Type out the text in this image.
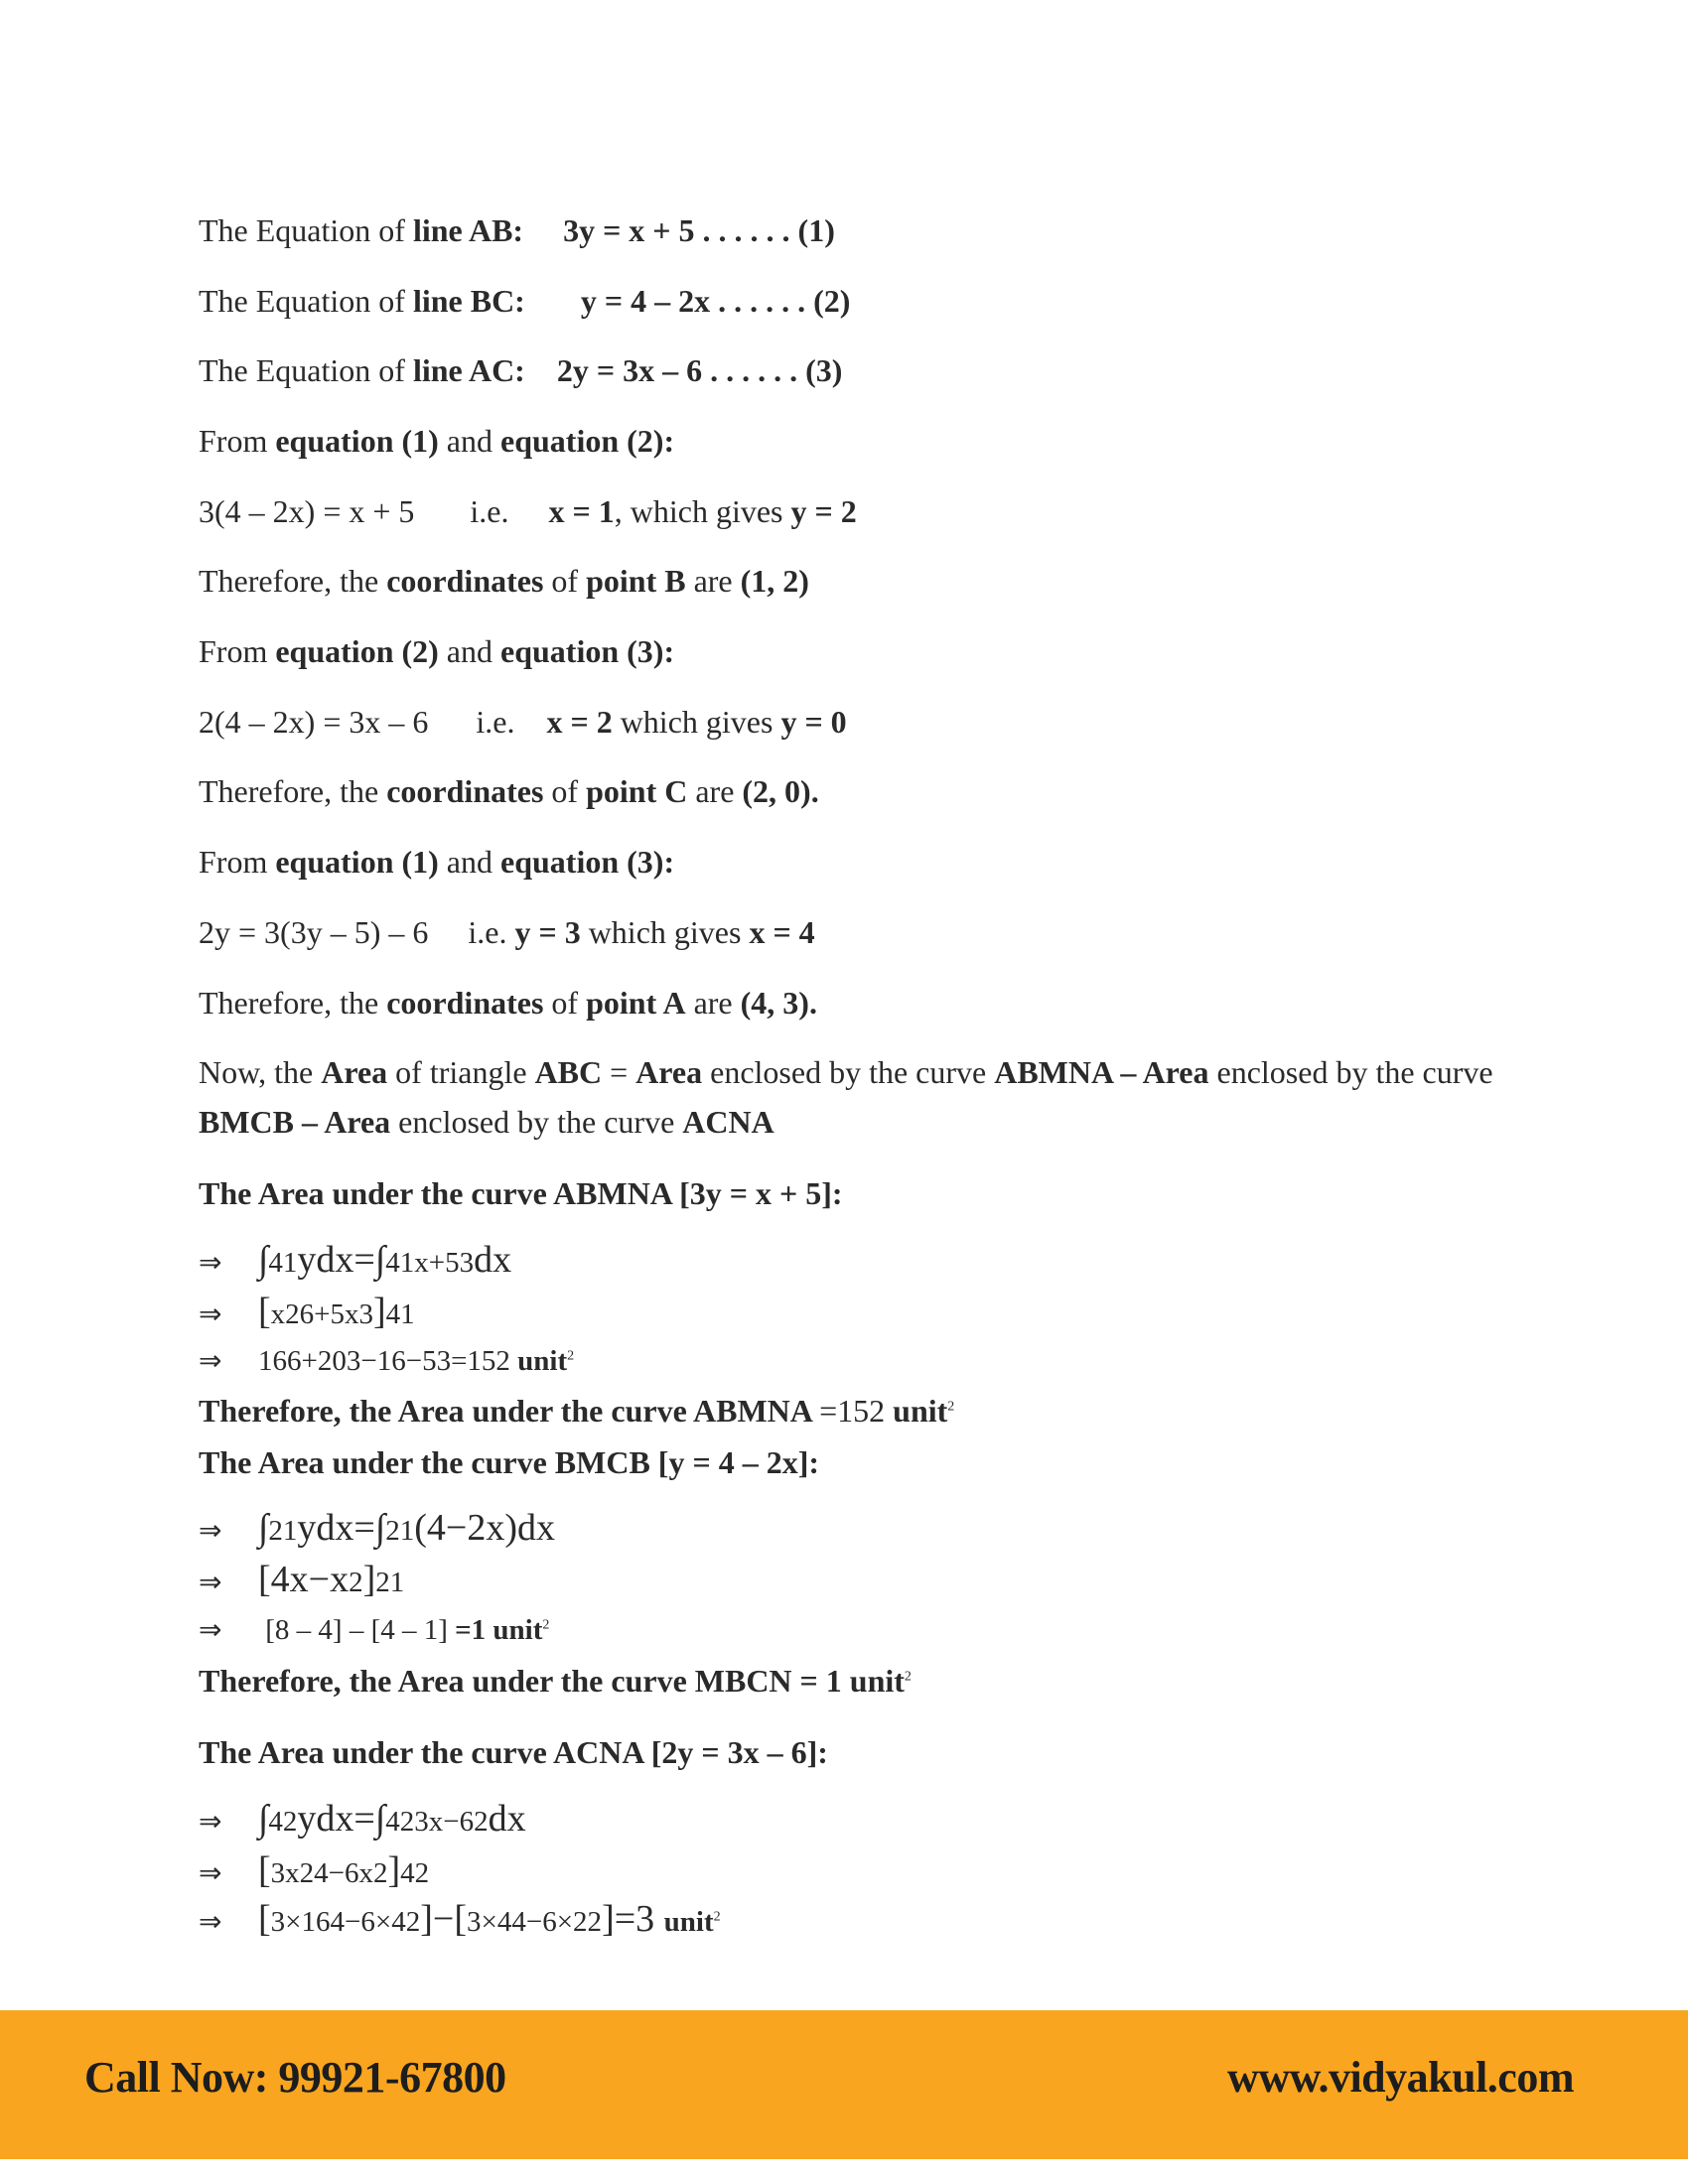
The Equation of line AB:     3y = x + 5 . . . . . . (1)
The Equation of line BC:       y = 4 – 2x . . . . . . (2)
The Equation of line AC:    2y = 3x – 6 . . . . . . (3)
From equation (1) and equation (2):
3(4 – 2x) = x + 5       i.e.     x = 1, which gives y = 2
Therefore, the coordinates of point B are (1, 2)
From equation (2) and equation (3):
2(4 – 2x) = 3x – 6      i.e.    x = 2 which gives y = 0
Therefore, the coordinates of point C are (2, 0).
From equation (1) and equation (3):
2y = 3(3y – 5) – 6     i.e. y = 3 which gives x = 4
Therefore, the coordinates of point A are (4, 3).
Now, the Area of triangle ABC = Area enclosed by the curve ABMNA – Area enclosed by the curve BMCB – Area enclosed by the curve ACNA
The Area under the curve ABMNA [3y = x + 5]:
⇒ ∫41ydx=∫41x+53dx
⇒ [x26+5x3]41
⇒ 166+203−16−53=152 unit$^2$
Therefore, the Area under the curve ABMNA =152 unit$^2$
The Area under the curve BMCB [y = 4 – 2x]:
⇒ ∫21ydx=∫21(4−2x)dx
⇒ [4x−x2]21
⇒ [8 – 4] – [4 – 1] =1 unit$^2$
Therefore, the Area under the curve MBCN = 1 unit$^2$
The Area under the curve ACNA [2y = 3x – 6]:
⇒ ∫42ydx=∫423x−62dx
⇒ [3x24−6x2]42
⇒ [3×164−6×42]−[3×44−6×22]=3 unit$^2$
Call Now: 99921-67800	www.vidyakul.com
